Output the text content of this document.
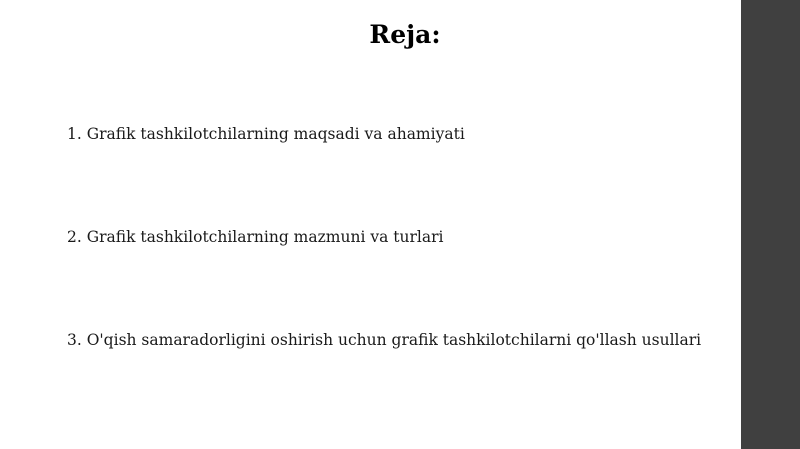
Reja:
1. Grafik tashkilotchilarning maqsadi va ahamiyati
2. Grafik tashkilotchilarning mazmuni va turlari
3. O'qish samaradorligini oshirish uchun grafik tashkilotchilarni qo'llash usullari
